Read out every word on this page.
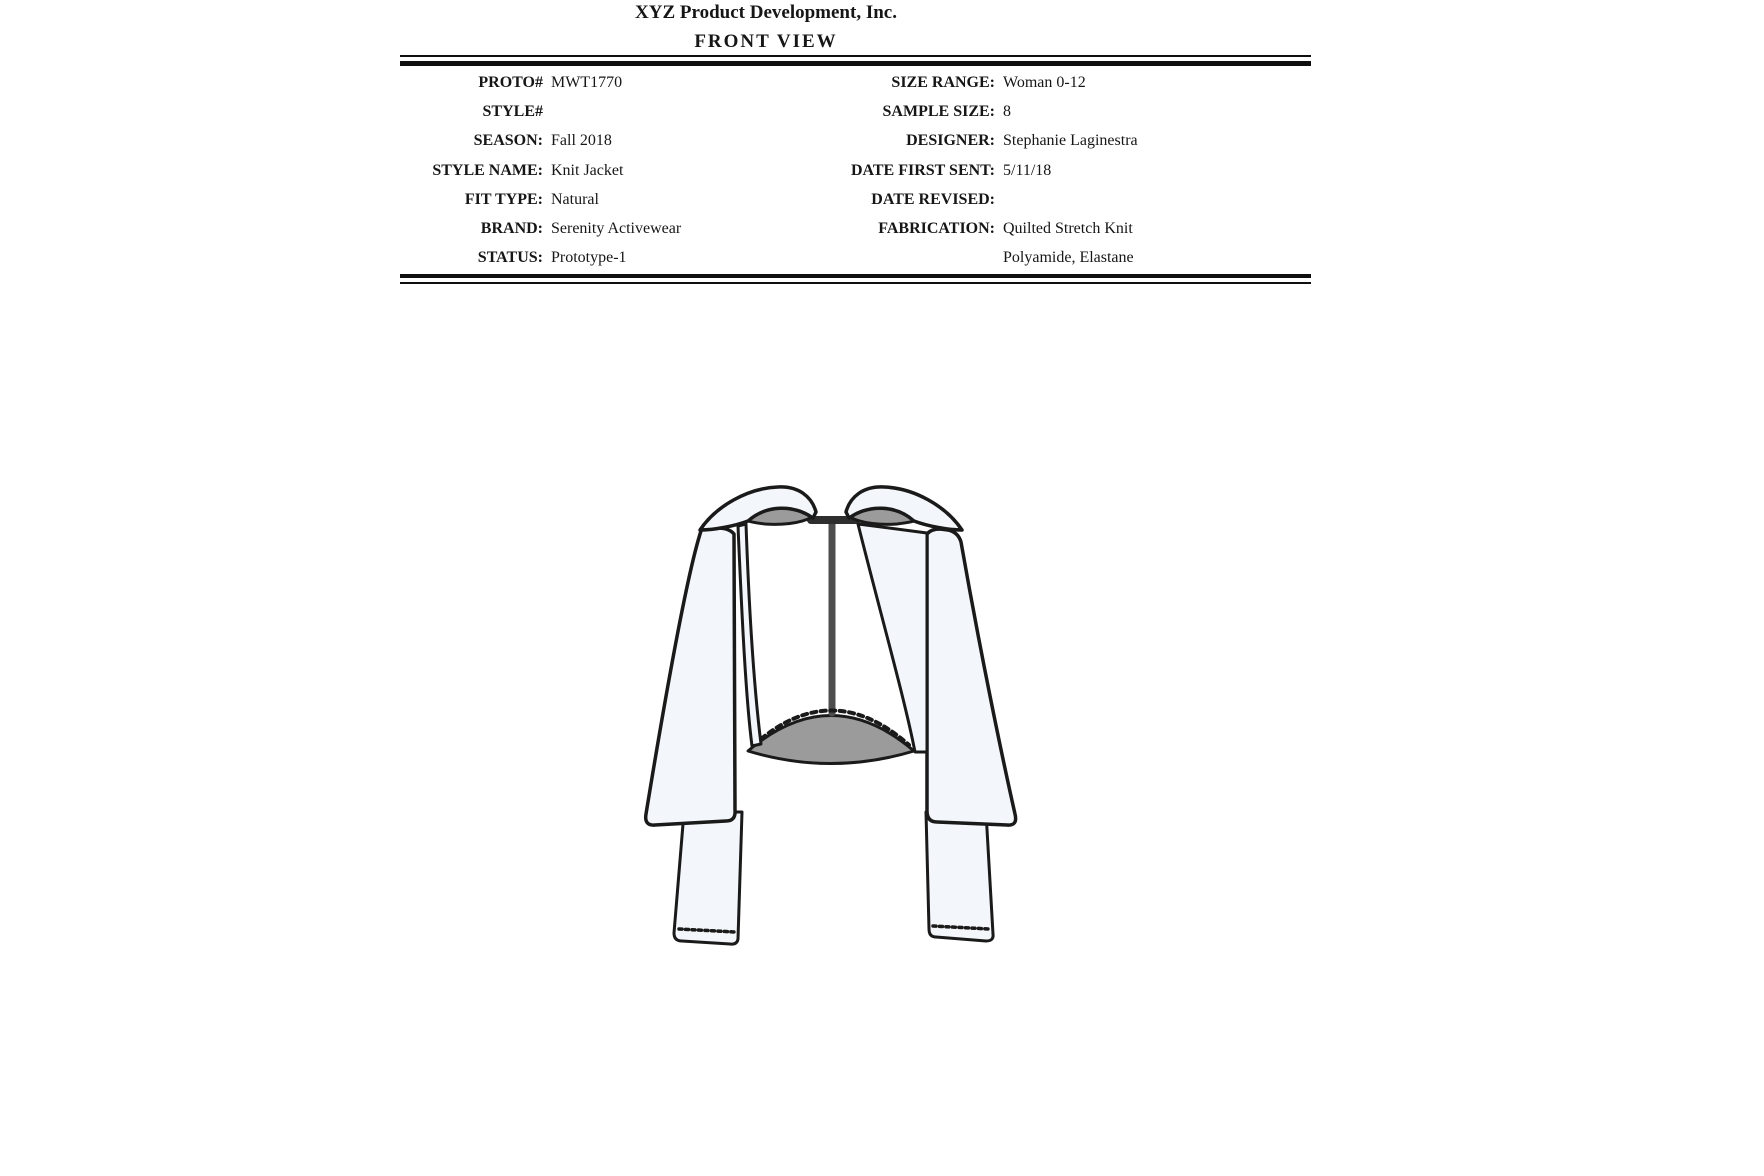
XYZ Product Development, Inc.
FRONT VIEW
PROTO# MWT1770
STYLE#
SEASON: Fall 2018
STYLE NAME: Knit Jacket
FIT TYPE: Natural
BRAND: Serenity Activewear
STATUS: Prototype-1
SIZE RANGE: Woman 0-12
SAMPLE SIZE: 8
DESIGNER: Stephanie Laginestra
DATE FIRST SENT: 5/11/18
DATE REVISED:
FABRICATION: Quilted Stretch Knit
Polyamide, Elastane
